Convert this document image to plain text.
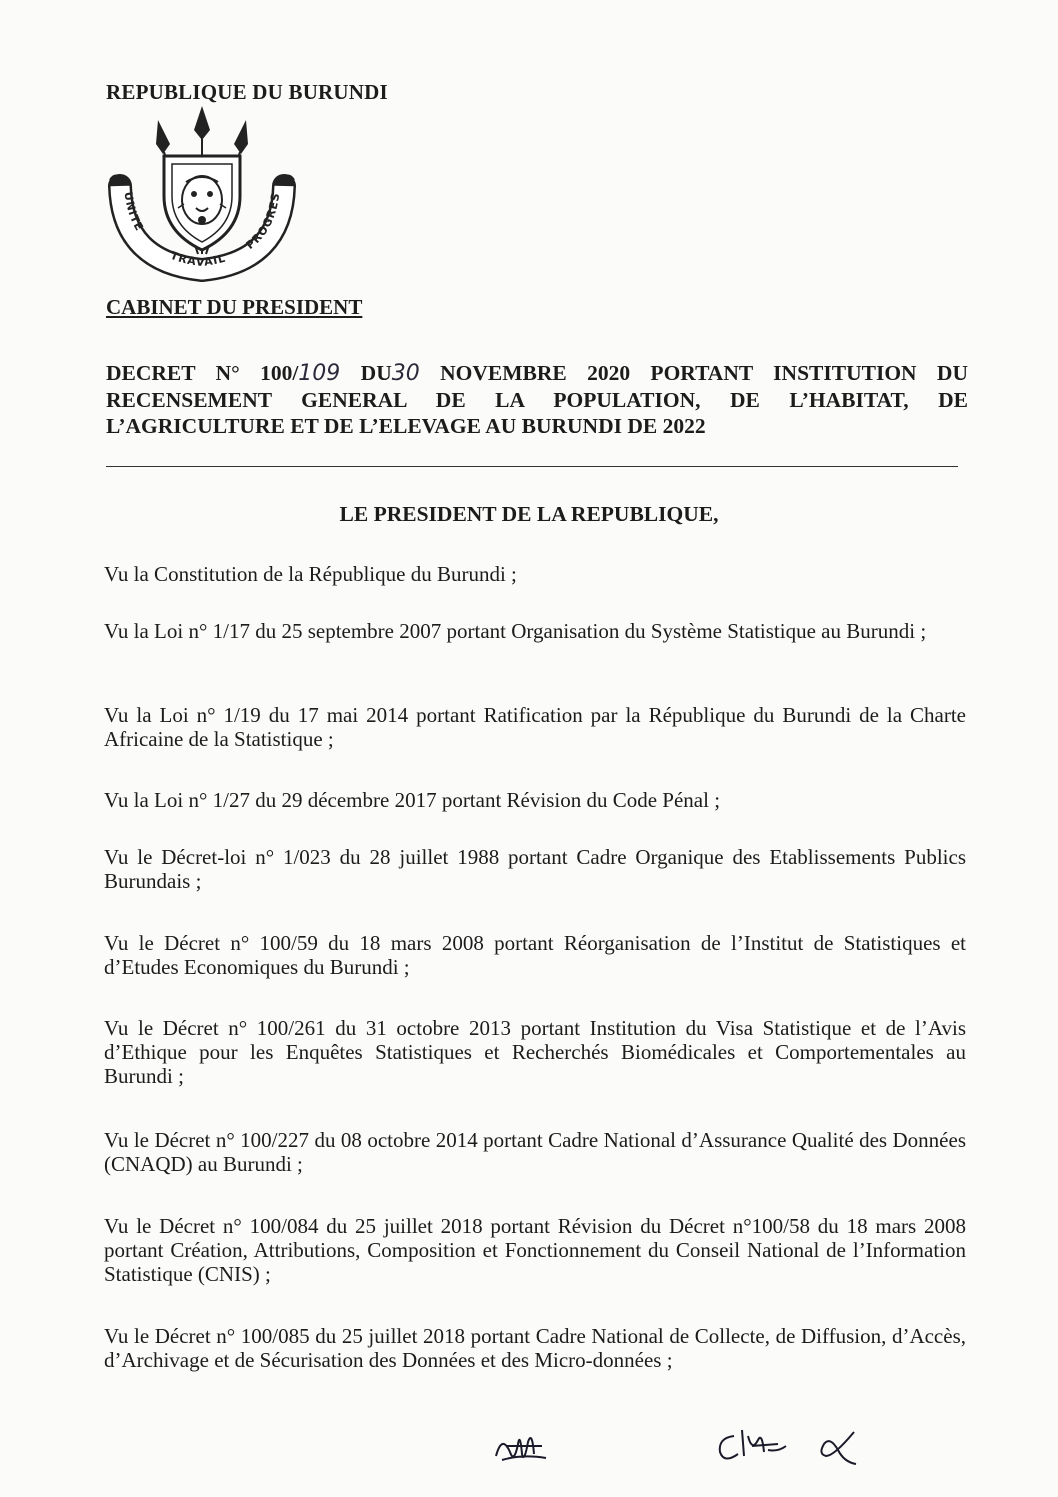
REPUBLIQUE DU BURUNDI
UNITE
TRAVAIL
PROGRES
CABINET DU PRESIDENT
DECRET N° 100/109 DU30 NOVEMBRE 2020 PORTANT INSTITUTION DU RECENSEMENT GENERAL DE LA POPULATION, DE L’HABITAT, DE L’AGRICULTURE ET DE L’ELEVAGE AU BURUNDI DE 2022
LE PRESIDENT DE LA REPUBLIQUE,
Vu la Constitution de la République du Burundi ;
Vu la Loi n° 1/17 du 25 septembre 2007 portant Organisation du Système Statistique au Burundi ;
Vu la Loi n° 1/19 du 17 mai 2014 portant Ratification par la République du Burundi de la Charte Africaine de la Statistique ;
Vu la Loi n° 1/27 du 29 décembre 2017 portant Révision du Code Pénal ;
Vu le Décret-loi n° 1/023 du 28 juillet 1988 portant Cadre Organique des Etablissements Publics Burundais ;
Vu le Décret n° 100/59 du 18 mars 2008 portant Réorganisation de l’Institut de Statistiques et d’Etudes Economiques du Burundi ;
Vu le Décret n° 100/261 du 31 octobre 2013 portant Institution du Visa Statistique et de l’Avis d’Ethique pour les Enquêtes Statistiques et Recherchés Biomédicales et Comportementales au Burundi ;
Vu le Décret n° 100/227 du 08 octobre 2014 portant Cadre National d’Assurance Qualité des Données (CNAQD) au Burundi ;
Vu le Décret n° 100/084 du 25 juillet 2018 portant Révision du Décret n°100/58 du 18 mars 2008 portant Création, Attributions, Composition et Fonctionnement du Conseil National de l’Information Statistique (CNIS) ;
Vu le Décret n° 100/085 du 25 juillet 2018 portant Cadre National de Collecte, de Diffusion, d’Accès, d’Archivage et de Sécurisation des Données et des Micro-données ;
